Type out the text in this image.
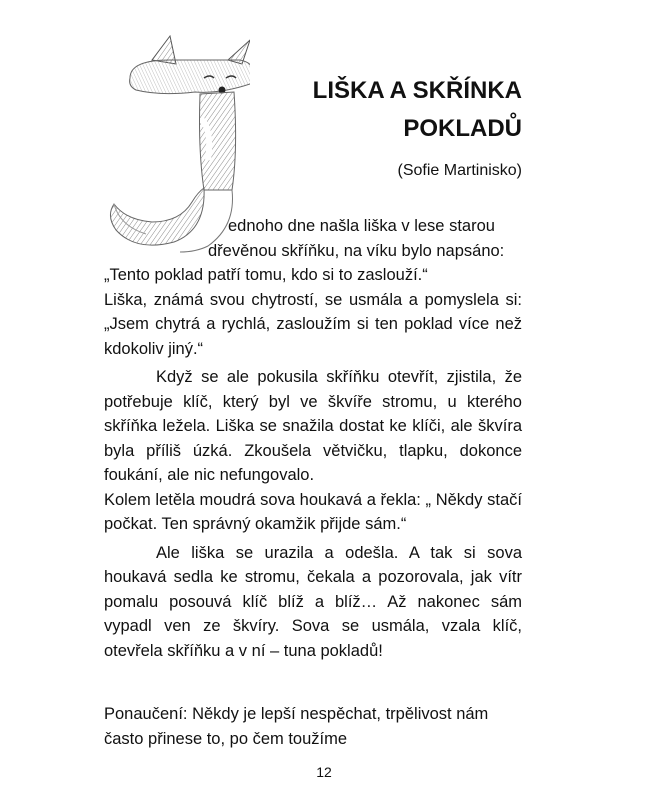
LIŠKA A SKŘÍNKA
POKLADŮ
(Sofie Martinisko)

ednoho dne našla liška v lese starou

dřevěnou skříňku, na víku bylo napsáno:

„Tento poklad patří tomu, kdo si to zaslouží.“

Liška, známá svou chytrostí, se usmála a pomyslela si: „Jsem chytrá a rychlá, zasloužím si ten poklad více než kdokoliv jiný.“

Když se ale pokusila skříňku otevřít, zjistila, že potřebuje klíč, který byl ve škvíře stromu, u kterého skříňka ležela. Liška se snažila dostat ke klíči, ale škvíra byla příliš úzká. Zkoušela větvičku, tlapku, dokonce foukání, ale nic nefungovalo.

Kolem letěla moudrá sova houkavá a řekla: „ Někdy stačí počkat. Ten správný okamžik přijde sám.“

Ale liška se urazila a odešla. A tak si sova houkavá sedla ke stromu, čekala a pozorovala, jak vítr pomalu posouvá klíč blíž a blíž… Až nakonec sám vypadl ven ze škvíry. Sova se usmála, vzala klíč, otevřela skříňku a v ní – tuna pokladů!

Ponaučení: Někdy je lepší nespěchat, trpělivost nám často přinese to, po čem toužíme

12
